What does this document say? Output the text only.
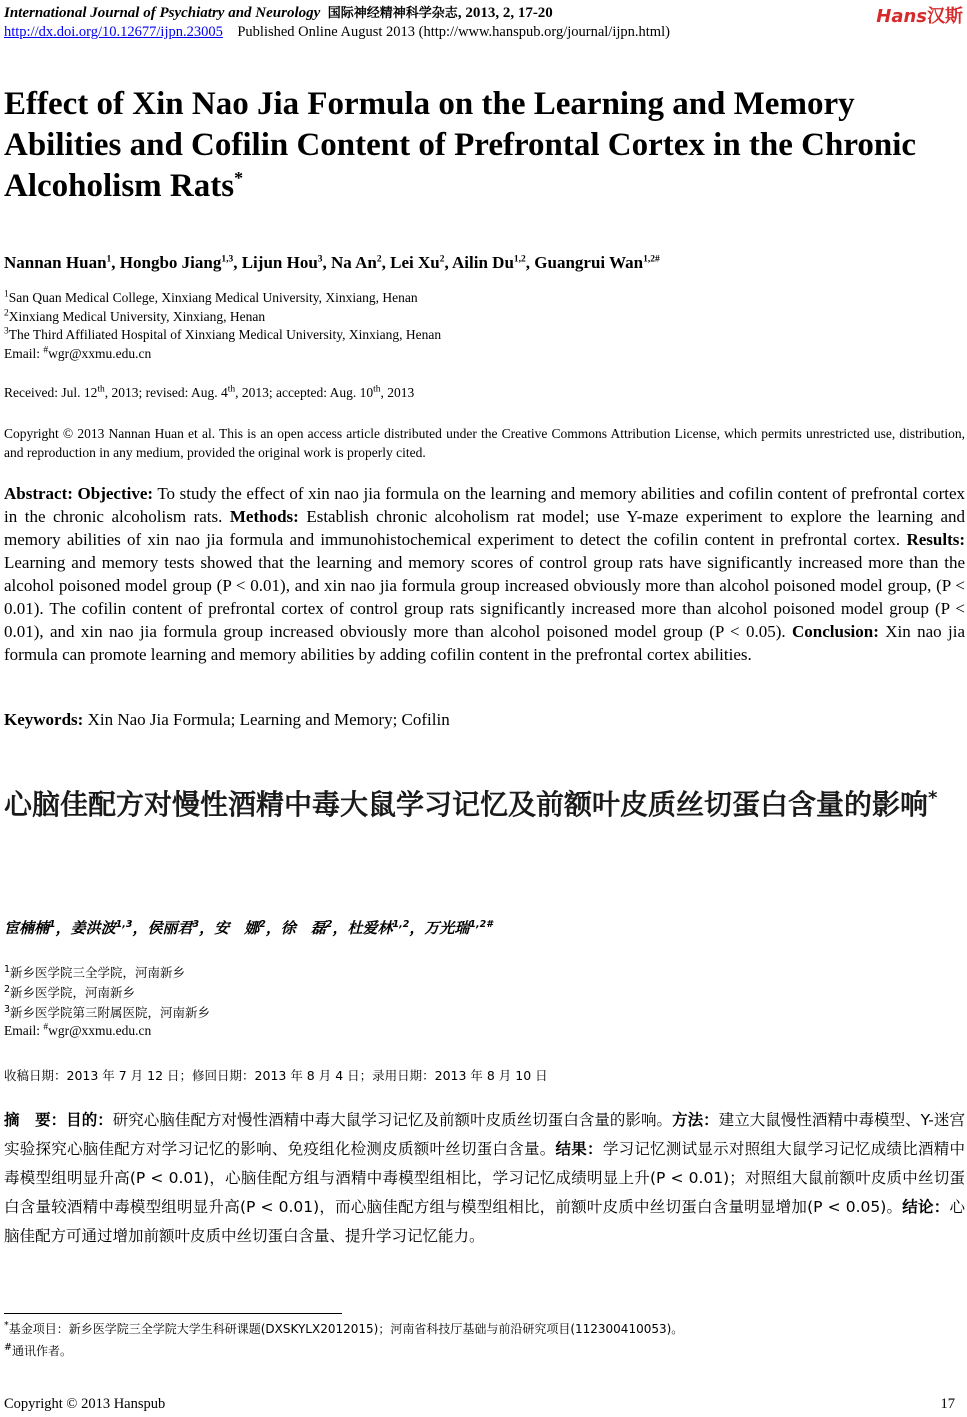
International Journal of Psychiatry and Neurology 国际神经精神科学杂志, 2013, 2, 17-20
http://dx.doi.org/10.12677/ijpn.23005 Published Online August 2013 (http://www.hanspub.org/journal/ijpn.html)
Hans汉斯
Effect of Xin Nao Jia Formula on the Learning and Memory Abilities and Cofilin Content of Prefrontal Cortex in the Chronic Alcoholism Rats*
Nannan Huan$^1$, Hongbo Jiang$^{1,3}$, Lijun Hou$^3$, Na An$^2$, Lei Xu$^2$, Ailin Du$^{1,2}$, Guangrui Wan$^{1,2\#}$
$^1$San Quan Medical College, Xinxiang Medical University, Xinxiang, Henan
$^2$Xinxiang Medical University, Xinxiang, Henan
$^3$The Third Affiliated Hospital of Xinxiang Medical University, Xinxiang, Henan
Email: #wgr@xxmu.edu.cn
Received: Jul. 12th, 2013; revised: Aug. 4th, 2013; accepted: Aug. 10th, 2013
Copyright © 2013 Nannan Huan et al. This is an open access article distributed under the Creative Commons Attribution License, which permits unrestricted use, distribution, and reproduction in any medium, provided the original work is properly cited.
Abstract: Objective: To study the effect of xin nao jia formula on the learning and memory abilities and cofilin content of prefrontal cortex in the chronic alcoholism rats. Methods: Establish chronic alcoholism rat model; use Y-maze experiment to explore the learning and memory abilities of xin nao jia formula and immunohistochemical experiment to detect the cofilin content in prefrontal cortex. Results: Learning and memory tests showed that the learning and memory scores of control group rats have significantly increased more than the alcohol poisoned model group (P < 0.01), and xin nao jia formula group increased obviously more than alcohol poisoned model group, (P < 0.01). The cofilin content of prefrontal cortex of control group rats significantly increased more than alcohol poisoned model group (P < 0.01), and xin nao jia formula group increased obviously more than alcohol poisoned model group (P < 0.05). Conclusion: Xin nao jia formula can promote learning and memory abilities by adding cofilin content in the prefrontal cortex abilities.
Keywords: Xin Nao Jia Formula; Learning and Memory; Cofilin
心脑佳配方对慢性酒精中毒大鼠学习记忆及前额叶皮质丝切蛋白含量的影响*
宦楠楠$^1$，姜洪波$^{1,3}$，侯丽君$^3$，安　娜$^2$，徐　磊$^2$，杜爱林$^{1,2}$，万光瑞$^{1,2\#}$
$^1$新乡医学院三全学院，河南新乡
$^2$新乡医学院，河南新乡
$^3$新乡医学院第三附属医院，河南新乡
Email: #wgr@xxmu.edu.cn
收稿日期：2013 年 7 月 12 日；修回日期：2013 年 8 月 4 日；录用日期：2013 年 8 月 10 日
摘　要：目的：研究心脑佳配方对慢性酒精中毒大鼠学习记忆及前额叶皮质丝切蛋白含量的影响。方法：建立大鼠慢性酒精中毒模型、Y-迷宫实验探究心脑佳配方对学习记忆的影响、免疫组化检测皮质额叶丝切蛋白含量。结果：学习记忆测试显示对照组大鼠学习记忆成绩比酒精中毒模型组明显升高(P < 0.01)，心脑佳配方组与酒精中毒模型组相比，学习记忆成绩明显上升(P < 0.01)；对照组大鼠前额叶皮质中丝切蛋白含量较酒精中毒模型组明显升高(P < 0.01)，而心脑佳配方组与模型组相比，前额叶皮质中丝切蛋白含量明显增加(P < 0.05)。结论：心脑佳配方可通过增加前额叶皮质中丝切蛋白含量、提升学习记忆能力。
*基金项目：新乡医学院三全学院大学生科研课题(DXSKYLX2012015)；河南省科技厅基础与前沿研究项目(112300410053)。
#通讯作者。
Copyright © 2013 Hanspub	17
